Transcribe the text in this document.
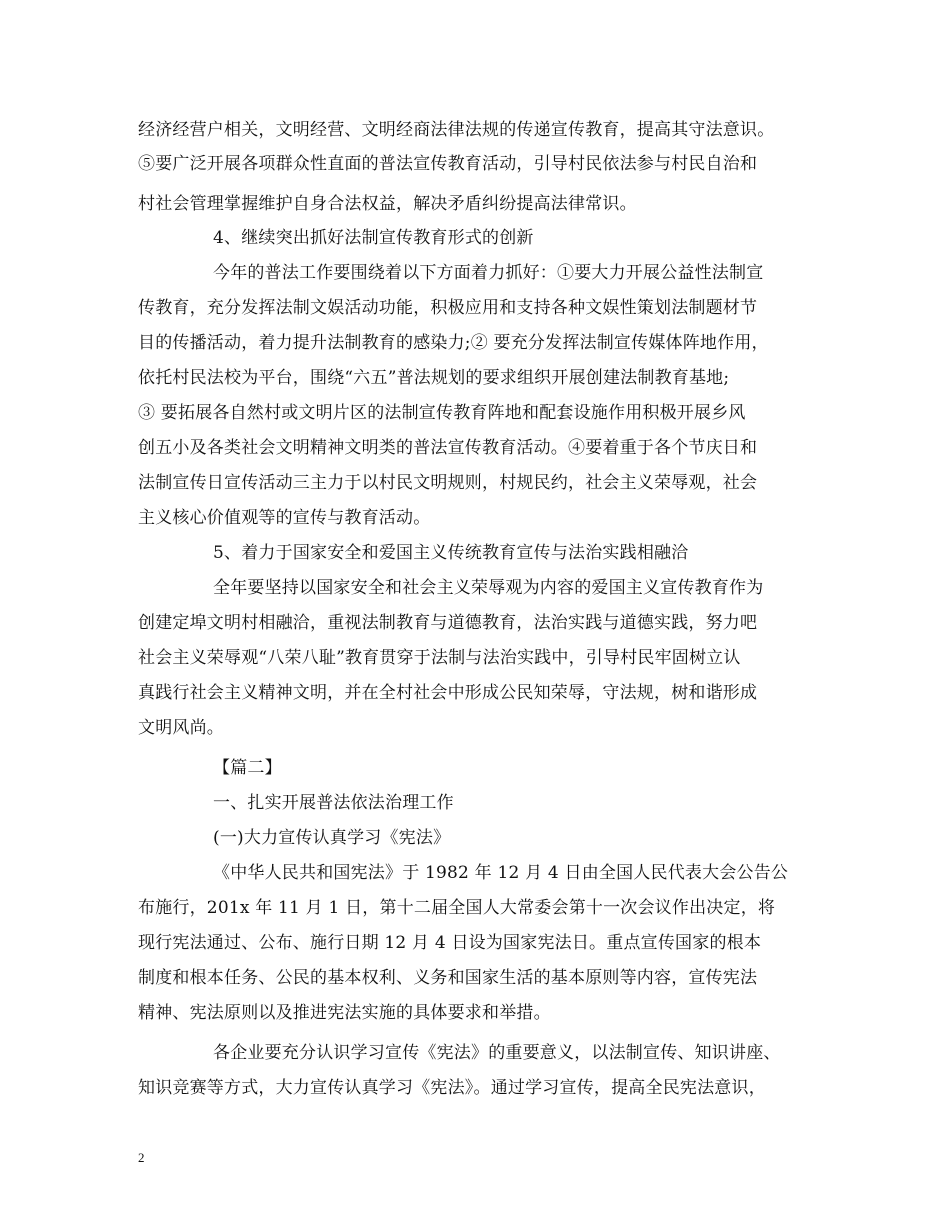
经济经营户相关，文明经营、文明经商法律法规的传递宣传教育，提高其守法意识。
⑤要广泛开展各项群众性直面的普法宣传教育活动，引导村民依法参与村民自治和
村社会管理掌握维护自身合法权益，解决矛盾纠纷提高法律常识。
4、继续突出抓好法制宣传教育形式的创新
今年的普法工作要围绕着以下方面着力抓好：①要大力开展公益性法制宣
传教育，充分发挥法制文娱活动功能，积极应用和支持各种文娱性策划法制题材节
目的传播活动，着力提升法制教育的感染力;② 要充分发挥法制宣传媒体阵地作用，
依托村民法校为平台，围绕“六五”普法规划的要求组织开展创建法制教育基地;
③ 要拓展各自然村或文明片区的法制宣传教育阵地和配套设施作用积极开展乡风
创五小及各类社会文明精神文明类的普法宣传教育活动。④要着重于各个节庆日和
法制宣传日宣传活动三主力于以村民文明规则，村规民约，社会主义荣辱观，社会
主义核心价值观等的宣传与教育活动。
5、着力于国家安全和爱国主义传统教育宣传与法治实践相融洽
全年要坚持以国家安全和社会主义荣辱观为内容的爱国主义宣传教育作为
创建定埠文明村相融洽，重视法制教育与道德教育，法治实践与道德实践，努力吧
社会主义荣辱观“八荣八耻”教育贯穿于法制与法治实践中，引导村民牢固树立认
真践行社会主义精神文明，并在全村社会中形成公民知荣辱，守法规，树和谐形成
文明风尚。
【篇二】
一、扎实开展普法依法治理工作
(一)大力宣传认真学习《宪法》
《中华人民共和国宪法》于 1982 年 12 月 4 日由全国人民代表大会公告公
布施行，201x 年 11 月 1 日，第十二届全国人大常委会第十一次会议作出决定，将
现行宪法通过、公布、施行日期 12 月 4 日设为国家宪法日。重点宣传国家的根本
制度和根本任务、公民的基本权利、义务和国家生活的基本原则等内容，宣传宪法
精神、宪法原则以及推进宪法实施的具体要求和举措。
各企业要充分认识学习宣传《宪法》的重要意义，以法制宣传、知识讲座、
知识竞赛等方式，大力宣传认真学习《宪法》。通过学习宣传，提高全民宪法意识，
2
